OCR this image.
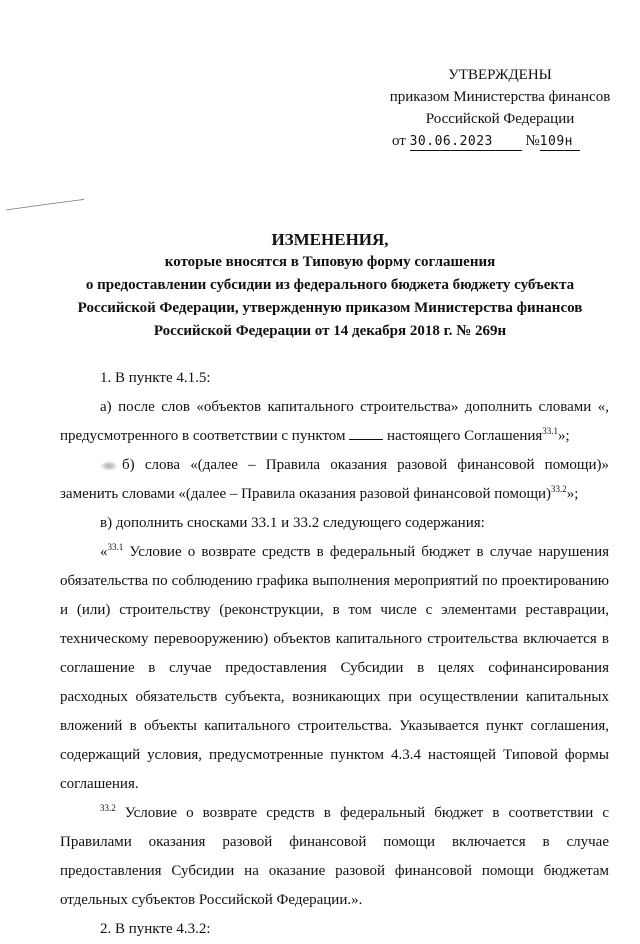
УТВЕРЖДЕНЫ
приказом Министерства финансов
Российской Федерации
от 30.06.2023 №109н
ИЗМЕНЕНИЯ,
которые вносятся в Типовую форму соглашения
о предоставлении субсидии из федерального бюджета бюджету субъекта
Российской Федерации, утвержденную приказом Министерства финансов
Российской Федерации от 14 декабря 2018 г. № 269н

1. В пункте 4.1.5:

а) после слов «объектов капитального строительства» дополнить словами «, предусмотренного в соответствии с пунктом	настоящего Соглашения$^{33.1}$»;

б) слова «(далее – Правила оказания разовой финансовой помощи)» заменить словами «(далее – Правила оказания разовой финансовой помощи)$^{33.2}$»;

в) дополнить сносками 33.1 и 33.2 следующего содержания:

«$^{33.1}$ Условие о возврате средств в федеральный бюджет в случае нарушения обязательства по соблюдению графика выполнения мероприятий по проектированию и (или) строительству (реконструкции, в том числе с элементами реставрации, техническому перевооружению) объектов капитального строительства включается в соглашение в случае предоставления Субсидии в целях софинансирования расходных обязательств субъекта, возникающих при осуществлении капитальных вложений в объекты капитального строительства. Указывается пункт соглашения, содержащий условия, предусмотренные пунктом 4.3.4 настоящей Типовой формы соглашения.

$^{33.2}$ Условие о возврате средств в федеральный бюджет в соответствии с Правилами оказания разовой финансовой помощи включается в случае предоставления Субсидии на оказание разовой финансовой помощи бюджетам отдельных субъектов Российской Федерации.».

2. В пункте 4.3.2:
